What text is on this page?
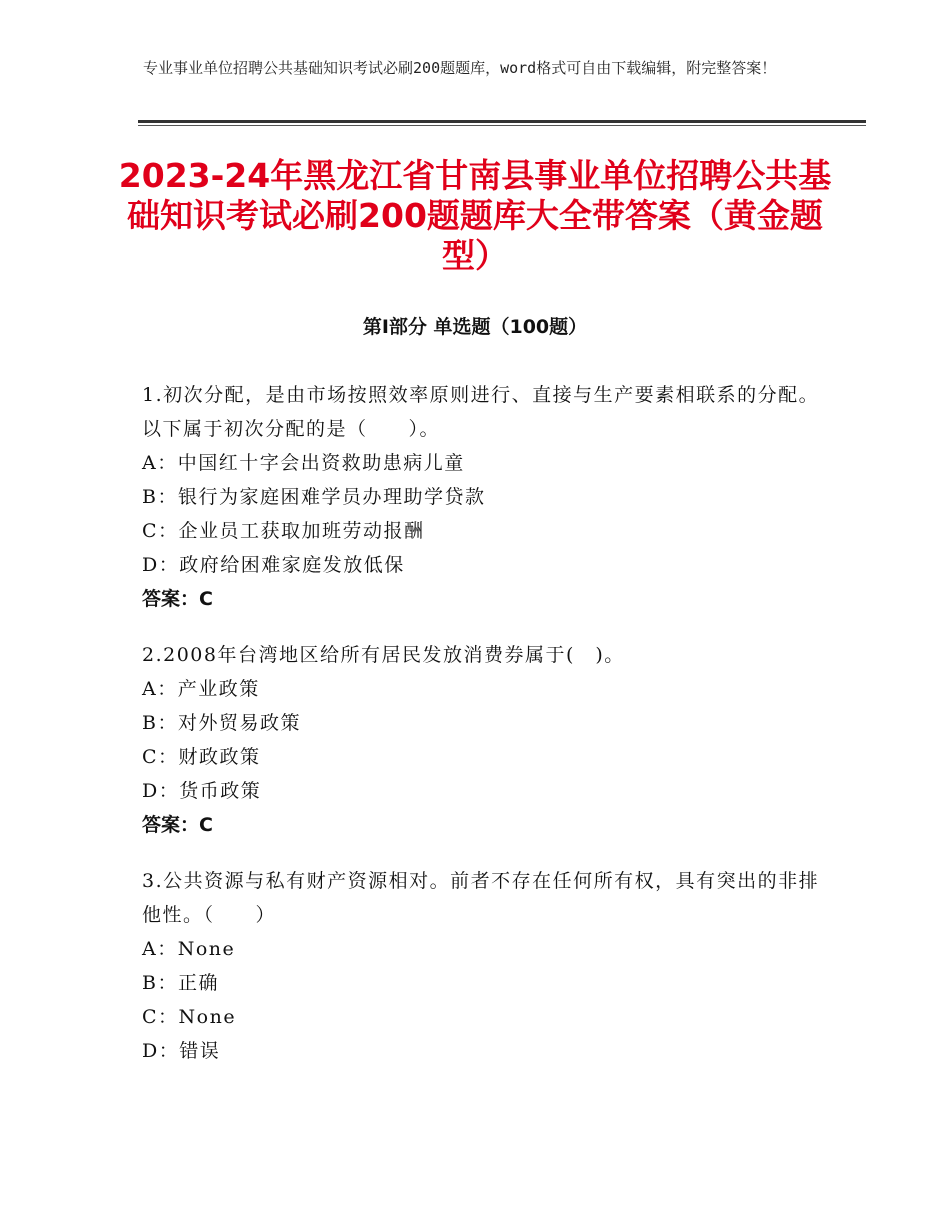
专业事业单位招聘公共基础知识考试必刷200题题库，word格式可自由下载编辑，附完整答案！
2023-24年黑龙江省甘南县事业单位招聘公共基础知识考试必刷200题题库大全带答案（黄金题型）
第I部分 单选题（100题）
1.初次分配，是由市场按照效率原则进行、直接与生产要素相联系的分配。以下属于初次分配的是（　　）。
A：中国红十字会出资救助患病儿童
B：银行为家庭困难学员办理助学贷款
C：企业员工获取加班劳动报酬
D：政府给困难家庭发放低保
答案：C
2.2008年台湾地区给所有居民发放消费券属于(　)。
A：产业政策
B：对外贸易政策
C：财政政策
D：货币政策
答案：C
3.公共资源与私有财产资源相对。前者不存在任何所有权，具有突出的非排他性。（　　）
A：None
B：正确
C：None
D：错误
